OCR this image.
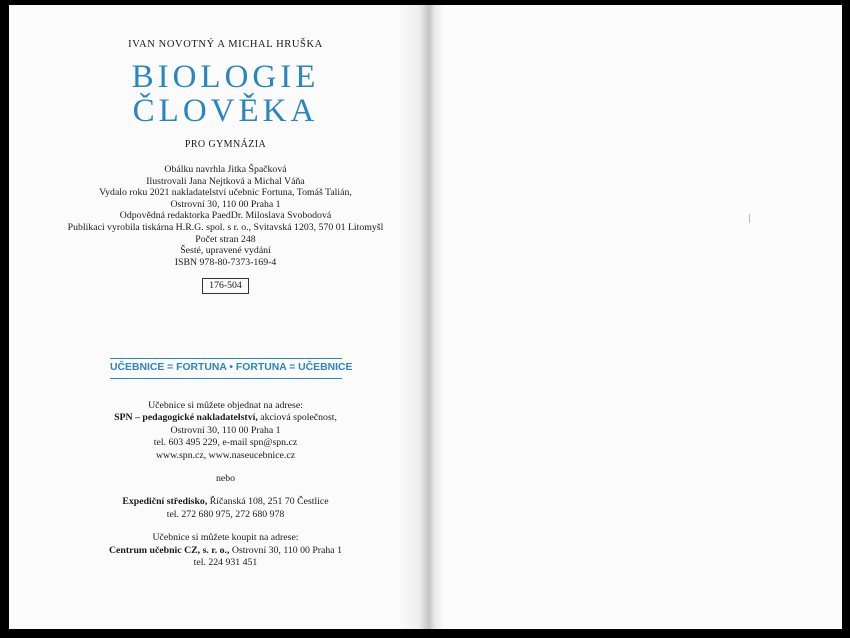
IVAN NOVOTNÝ A MICHAL HRUŠKA
BIOLOGIE
ČLOVĚKA
PRO GYMNÁZIA
Obálku navrhla Jitka Špačková
Ilustrovali Jana Nejtková a Michal Váňa
Vydalo roku 2021 nakladatelství učebnic Fortuna, Tomáš Talián,
Ostrovní 30, 110 00 Praha 1
Odpovědná redaktorka PaedDr. Miloslava Svobodová
Publikaci vyrobila tiskárna H.R.G. spol. s r. o., Svitavská 1203, 570 01 Litomyšl
Počet stran 248
Šesté, upravené vydání
ISBN 978-80-7373-169-4
176-504
UČEBNICE = FORTUNA • FORTUNA = UČEBNICE
Učebnice si můžete objednat na adrese:
SPN – pedagogické nakladatelství, akciová společnost,
Ostrovní 30, 110 00 Praha 1
tel. 603 495 229, e-mail spn@spn.cz
www.spn.cz, www.naseucebnice.cz
nebo
Expediční středisko, Říčanská 108, 251 70 Čestlice
tel. 272 680 975, 272 680 978
Učebnice si můžete koupit na adrese:
Centrum učebnic CZ, s. r. o., Ostrovní 30, 110 00 Praha 1
tel. 224 931 451
